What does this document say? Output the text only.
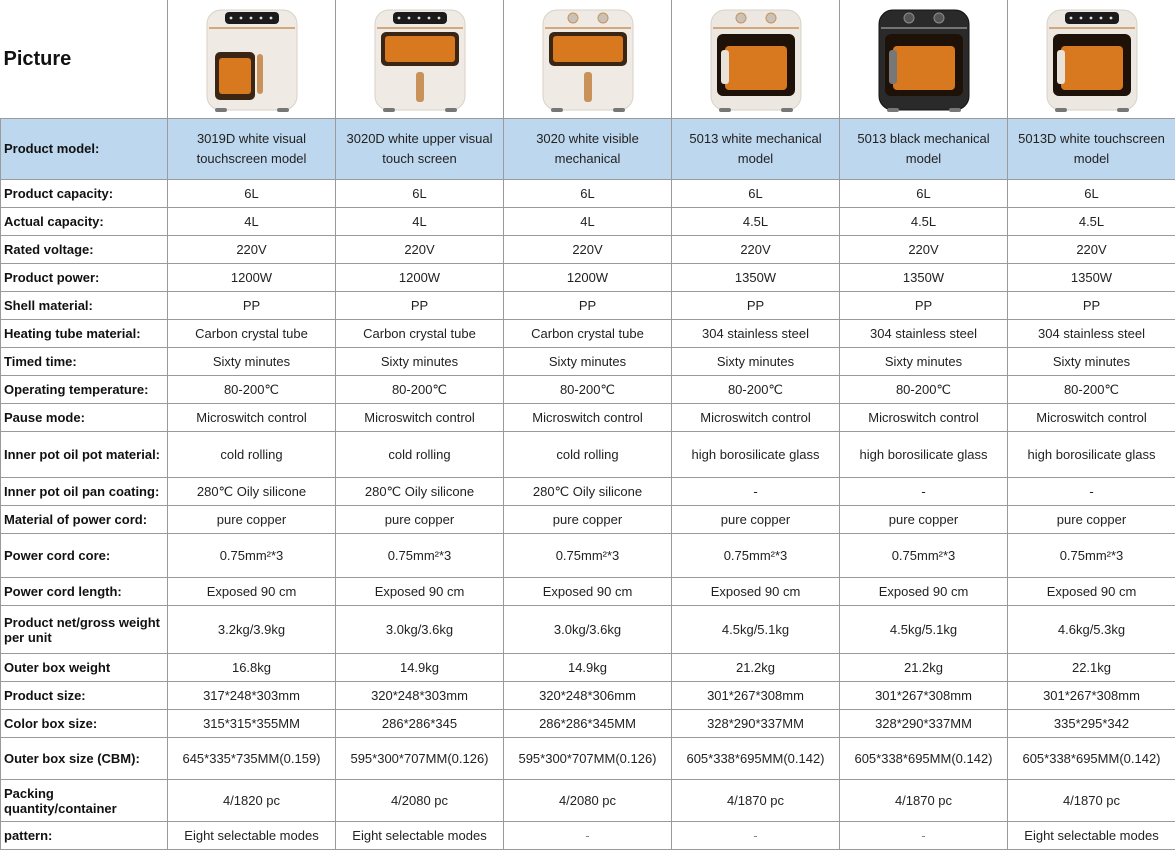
Picture	

Product model:	3019D white visual touchscreen model	3020D white upper visual touch screen	3020 white visible mechanical	5013 white mechanical model	5013 black mechanical model	5013D white touchscreen model
Product capacity:	6L	6L	6L	6L	6L	6L
Actual capacity:	4L	4L	4L	4.5L	4.5L	4.5L
Rated voltage:	220V	220V	220V	220V	220V	220V
Product power:	1200W	1200W	1200W	1350W	1350W	1350W
Shell material:	PP	PP	PP	PP	PP	PP
Heating tube material:	Carbon crystal tube	Carbon crystal tube	Carbon crystal tube	304 stainless steel	304 stainless steel	304 stainless steel
Timed time:	Sixty minutes	Sixty minutes	Sixty minutes	Sixty minutes	Sixty minutes	Sixty minutes
Operating temperature:	80-200℃	80-200℃	80-200℃	80-200℃	80-200℃	80-200℃
Pause mode:	Microswitch control	Microswitch control	Microswitch control	Microswitch control	Microswitch control	Microswitch control
Inner pot oil pot material:	cold rolling	cold rolling	cold rolling	high borosilicate glass	high borosilicate glass	high borosilicate glass
Inner pot oil pan coating:	280℃ Oily silicone	280℃ Oily silicone	280℃ Oily silicone	-	-	-
Material of power cord:	pure copper	pure copper	pure copper	pure copper	pure copper	pure copper
Power cord core:	0.75mm²*3	0.75mm²*3	0.75mm²*3	0.75mm²*3	0.75mm²*3	0.75mm²*3
Power cord length:	Exposed 90 cm	Exposed 90 cm	Exposed 90 cm	Exposed 90 cm	Exposed 90 cm	Exposed 90 cm
Product net/gross weight per unit	3.2kg/3.9kg	3.0kg/3.6kg	3.0kg/3.6kg	4.5kg/5.1kg	4.5kg/5.1kg	4.6kg/5.3kg
Outer box weight	16.8kg	14.9kg	14.9kg	21.2kg	21.2kg	22.1kg
Product size:	317*248*303mm	320*248*303mm	320*248*306mm	301*267*308mm	301*267*308mm	301*267*308mm
Color box size:	315*315*355MM	286*286*345	286*286*345MM	328*290*337MM	328*290*337MM	335*295*342
Outer box size (CBM):	645*335*735MM(0.159)	595*300*707MM(0.126)	595*300*707MM(0.126)	605*338*695MM(0.142)	605*338*695MM(0.142)	605*338*695MM(0.142)
Packing quantity/container	4/1820 pc	4/2080 pc	4/2080 pc	4/1870 pc	4/1870 pc	4/1870 pc
pattern:	Eight selectable modes	Eight selectable modes	-	-	-	Eight selectable modes
